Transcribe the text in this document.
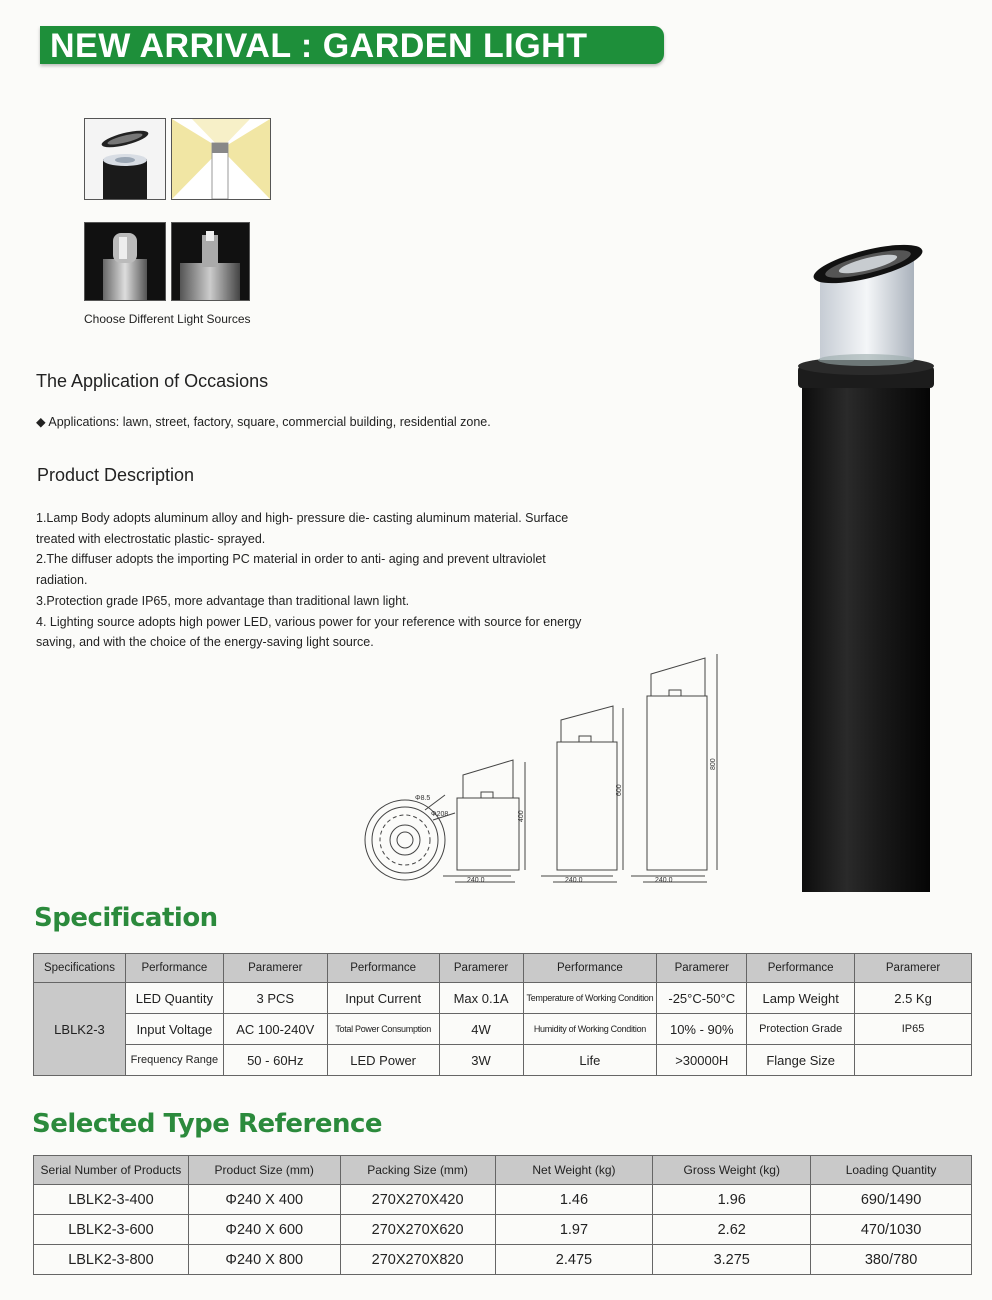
NEW ARRIVAL : GARDEN LIGHT
Choose Different Light Sources
The Application of Occasions
◆ Applications: lawn, street, factory, square, commercial building, residential zone.
Product Description

1.Lamp Body adopts aluminum alloy and high- pressure die- casting aluminum material. Surface treated with electrostatic plastic- sprayed.

2.The diffuser adopts the importing PC material in order to anti- aging and prevent ultraviolet radiation.

3.Protection grade IP65, more advantage than traditional lawn light.

4. Lighting source adopts high power LED, various power for your reference with source for energy saving, and with the choice of the energy-saving light source.

Φ8.5
Φ208
240.0	240.0	240.0
400
600
800
Specification
Specifications	Performance	Paramerer	Performance	Paramerer	Performance	Paramerer	Performance	Paramerer
LBLK2-3	LED Quantity	3 PCS	Input Current	Max 0.1A	Temperature of Working Condition	-25°C-50°C	Lamp Weight	2.5 Kg
	Input Voltage	AC 100-240V	Total Power Consumption	4W	Humidity of Working Condition	10% - 90%	Protection Grade	IP65
	Frequency Range	50 - 60Hz	LED Power	3W	Life	>30000H	Flange Size	
Selected Type Reference
Serial Number of Products	Product Size (mm)	Packing Size (mm)	Net Weight (kg)	Gross Weight (kg)	Loading Quantity
LBLK2-3-400	Φ240 X 400	270X270X420	1.46	1.96	690/1490
LBLK2-3-600	Φ240 X 600	270X270X620	1.97	2.62	470/1030
LBLK2-3-800	Φ240 X 800	270X270X820	2.475	3.275	380/780
